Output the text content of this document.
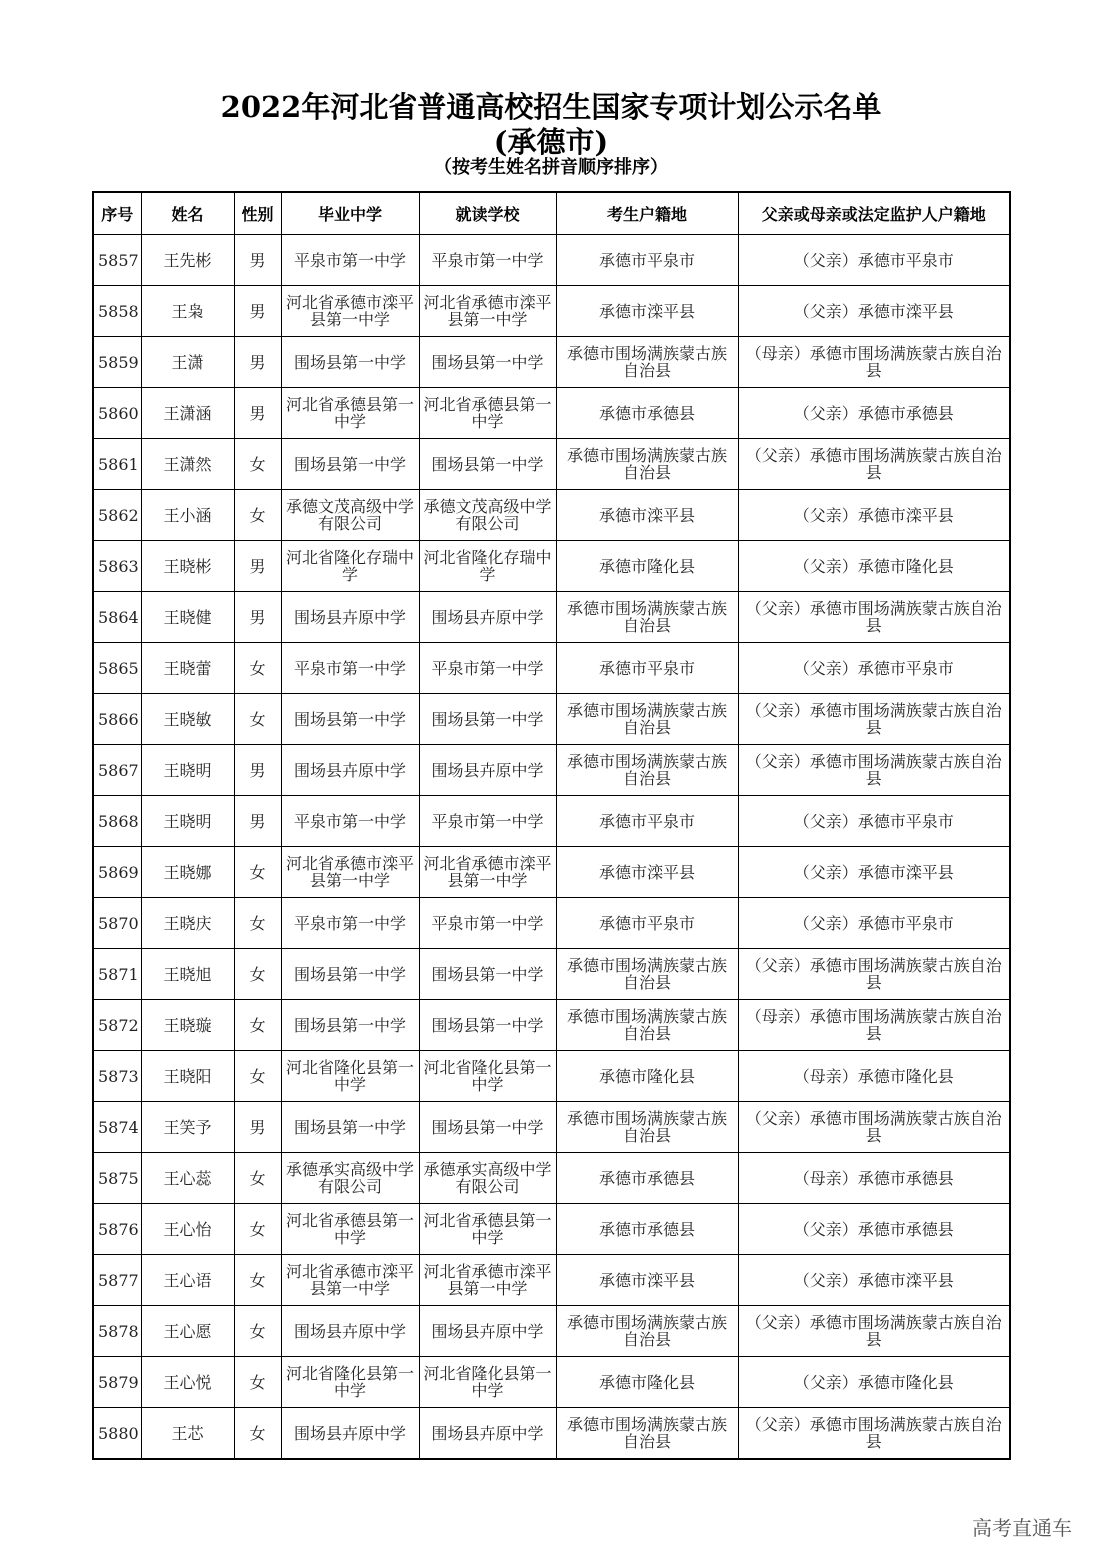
2022年河北省普通高校招生国家专项计划公示名单
(承德市)
（按考生姓名拼音顺序排序）
序号	姓名	性别	毕业中学	就读学校	考生户籍地	父亲或母亲或法定监护人户籍地
5857	王先彬	男	平泉市第一中学	平泉市第一中学	承德市平泉市	（父亲）承德市平泉市
5858	王枭	男	河北省承德市滦平县第一中学	河北省承德市滦平县第一中学	承德市滦平县	（父亲）承德市滦平县
5859	王潇	男	围场县第一中学	围场县第一中学	承德市围场满族蒙古族自治县	（母亲）承德市围场满族蒙古族自治县
5860	王潇涵	男	河北省承德县第一中学	河北省承德县第一中学	承德市承德县	（父亲）承德市承德县
5861	王潇然	女	围场县第一中学	围场县第一中学	承德市围场满族蒙古族自治县	（父亲）承德市围场满族蒙古族自治县
5862	王小涵	女	承德文茂高级中学有限公司	承德文茂高级中学有限公司	承德市滦平县	（父亲）承德市滦平县
5863	王晓彬	男	河北省隆化存瑞中学	河北省隆化存瑞中学	承德市隆化县	（父亲）承德市隆化县
5864	王晓健	男	围场县卉原中学	围场县卉原中学	承德市围场满族蒙古族自治县	（父亲）承德市围场满族蒙古族自治县
5865	王晓蕾	女	平泉市第一中学	平泉市第一中学	承德市平泉市	（父亲）承德市平泉市
5866	王晓敏	女	围场县第一中学	围场县第一中学	承德市围场满族蒙古族自治县	（父亲）承德市围场满族蒙古族自治县
5867	王晓明	男	围场县卉原中学	围场县卉原中学	承德市围场满族蒙古族自治县	（父亲）承德市围场满族蒙古族自治县
5868	王晓明	男	平泉市第一中学	平泉市第一中学	承德市平泉市	（父亲）承德市平泉市
5869	王晓娜	女	河北省承德市滦平县第一中学	河北省承德市滦平县第一中学	承德市滦平县	（父亲）承德市滦平县
5870	王晓庆	女	平泉市第一中学	平泉市第一中学	承德市平泉市	（父亲）承德市平泉市
5871	王晓旭	女	围场县第一中学	围场县第一中学	承德市围场满族蒙古族自治县	（父亲）承德市围场满族蒙古族自治县
5872	王晓璇	女	围场县第一中学	围场县第一中学	承德市围场满族蒙古族自治县	（母亲）承德市围场满族蒙古族自治县
5873	王晓阳	女	河北省隆化县第一中学	河北省隆化县第一中学	承德市隆化县	（母亲）承德市隆化县
5874	王笑予	男	围场县第一中学	围场县第一中学	承德市围场满族蒙古族自治县	（父亲）承德市围场满族蒙古族自治县
5875	王心蕊	女	承德承实高级中学有限公司	承德承实高级中学有限公司	承德市承德县	（母亲）承德市承德县
5876	王心怡	女	河北省承德县第一中学	河北省承德县第一中学	承德市承德县	（父亲）承德市承德县
5877	王心语	女	河北省承德市滦平县第一中学	河北省承德市滦平县第一中学	承德市滦平县	（父亲）承德市滦平县
5878	王心愿	女	围场县卉原中学	围场县卉原中学	承德市围场满族蒙古族自治县	（父亲）承德市围场满族蒙古族自治县
5879	王心悦	女	河北省隆化县第一中学	河北省隆化县第一中学	承德市隆化县	（父亲）承德市隆化县
5880	王芯	女	围场县卉原中学	围场县卉原中学	承德市围场满族蒙古族自治县	（父亲）承德市围场满族蒙古族自治县
高考直通车
